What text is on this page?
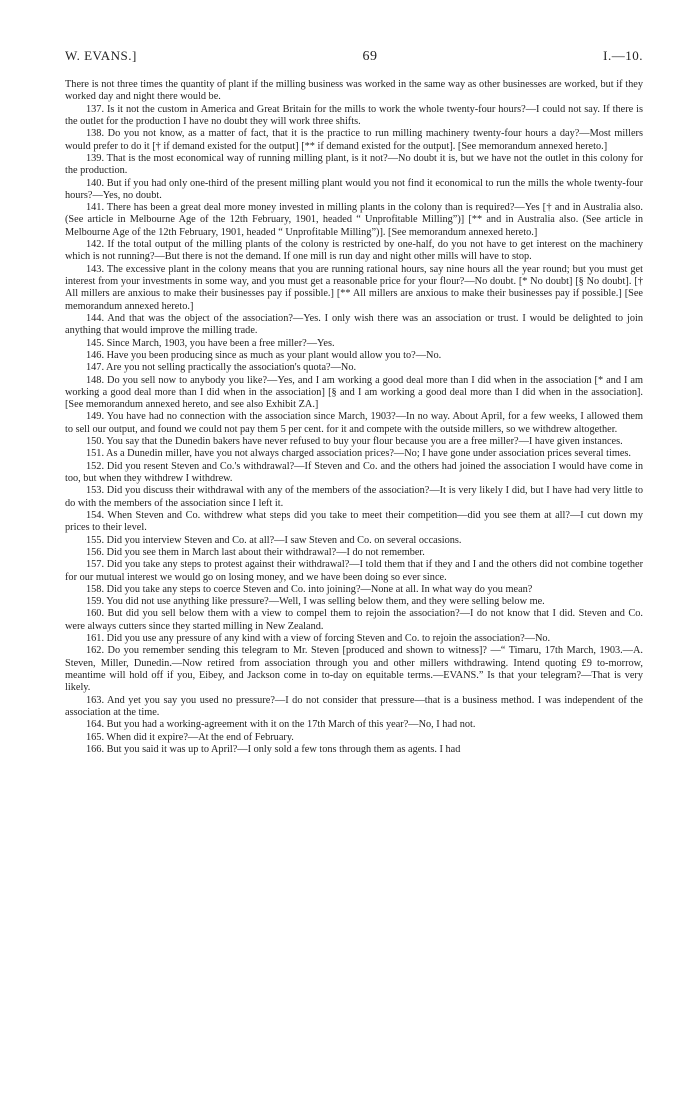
W. EVANS.]	69	I.—10.

There is not three times the quantity of plant if the milling business was worked in the same way as other businesses are worked, but if they worked day and night there would be.

137. Is it not the custom in America and Great Britain for the mills to work the whole twenty-four hours?—I could not say. If there is the outlet for the production I have no doubt they will work three shifts.

138. Do you not know, as a matter of fact, that it is the practice to run milling machinery twenty-four hours a day?—Most millers would prefer to do it [† if demand existed for the output] [** if demand existed for the output]. [See memorandum annexed hereto.]

139. That is the most economical way of running milling plant, is it not?—No doubt it is, but we have not the outlet in this colony for the production.

140. But if you had only one-third of the present milling plant would you not find it economical to run the mills the whole twenty-four hours?—Yes, no doubt.

141. There has been a great deal more money invested in milling plants in the colony than is required?—Yes [† and in Australia also. (See article in Melbourne Age of the 12th February, 1901, headed “ Unprofitable Milling”)] [** and in Australia also. (See article in Melbourne Age of the 12th February, 1901, headed “ Unprofitable Milling”)]. [See memorandum annexed hereto.]

142. If the total output of the milling plants of the colony is restricted by one-half, do you not have to get interest on the machinery which is not running?—But there is not the demand. If one mill is run day and night other mills will have to stop.

143. The excessive plant in the colony means that you are running rational hours, say nine hours all the year round; but you must get interest from your investments in some way, and you must get a reasonable price for your flour?—No doubt. [* No doubt] [§ No doubt]. [† All millers are anxious to make their businesses pay if possible.] [** All millers are anxious to make their businesses pay if possible.] [See memorandum annexed hereto.]

144. And that was the object of the association?—Yes. I only wish there was an association or trust. I would be delighted to join anything that would improve the milling trade.

145. Since March, 1903, you have been a free miller?—Yes.

146. Have you been producing since as much as your plant would allow you to?—No.

147. Are you not selling practically the association's quota?—No.

148. Do you sell now to anybody you like?—Yes, and I am working a good deal more than I did when in the association [* and I am working a good deal more than I did when in the association] [§ and I am working a good deal more than I did when in the association]. [See memorandum annexed hereto, and see also Exhibit ZA.]

149. You have had no connection with the association since March, 1903?—In no way. About April, for a few weeks, I allowed them to sell our output, and found we could not pay them 5 per cent. for it and compete with the outside millers, so we withdrew altogether.

150. You say that the Dunedin bakers have never refused to buy your flour because you are a free miller?—I have given instances.

151. As a Dunedin miller, have you not always charged association prices?—No; I have gone under association prices several times.

152. Did you resent Steven and Co.'s withdrawal?—If Steven and Co. and the others had joined the association I would have come in too, but when they withdrew I withdrew.

153. Did you discuss their withdrawal with any of the members of the association?—It is very likely I did, but I have had very little to do with the members of the association since I left it.

154. When Steven and Co. withdrew what steps did you take to meet their competition—did you see them at all?—I cut down my prices to their level.

155. Did you interview Steven and Co. at all?—I saw Steven and Co. on several occasions.

156. Did you see them in March last about their withdrawal?—I do not remember.

157. Did you take any steps to protest against their withdrawal?—I told them that if they and I and the others did not combine together for our mutual interest we would go on losing money, and we have been doing so ever since.

158. Did you take any steps to coerce Steven and Co. into joining?—None at all. In what way do you mean?

159. You did not use anything like pressure?—Well, I was selling below them, and they were selling below me.

160. But did you sell below them with a view to compel them to rejoin the association?—I do not know that I did. Steven and Co. were always cutters since they started milling in New Zealand.

161. Did you use any pressure of any kind with a view of forcing Steven and Co. to rejoin the association?—No.

162. Do you remember sending this telegram to Mr. Steven [produced and shown to witness]? —“ Timaru, 17th March, 1903.—A. Steven, Miller, Dunedin.—Now retired from association through you and other millers withdrawing. Intend quoting £9 to-morrow, meantime will hold off if you, Eibey, and Jackson come in to-day on equitable terms.—EVANS.” Is that your telegram?—That is very likely.

163. And yet you say you used no pressure?—I do not consider that pressure—that is a business method. I was independent of the association at the time.

164. But you had a working-agreement with it on the 17th March of this year?—No, I had not.

165. When did it expire?—At the end of February.

166. But you said it was up to April?—I only sold a few tons through them as agents. I had
